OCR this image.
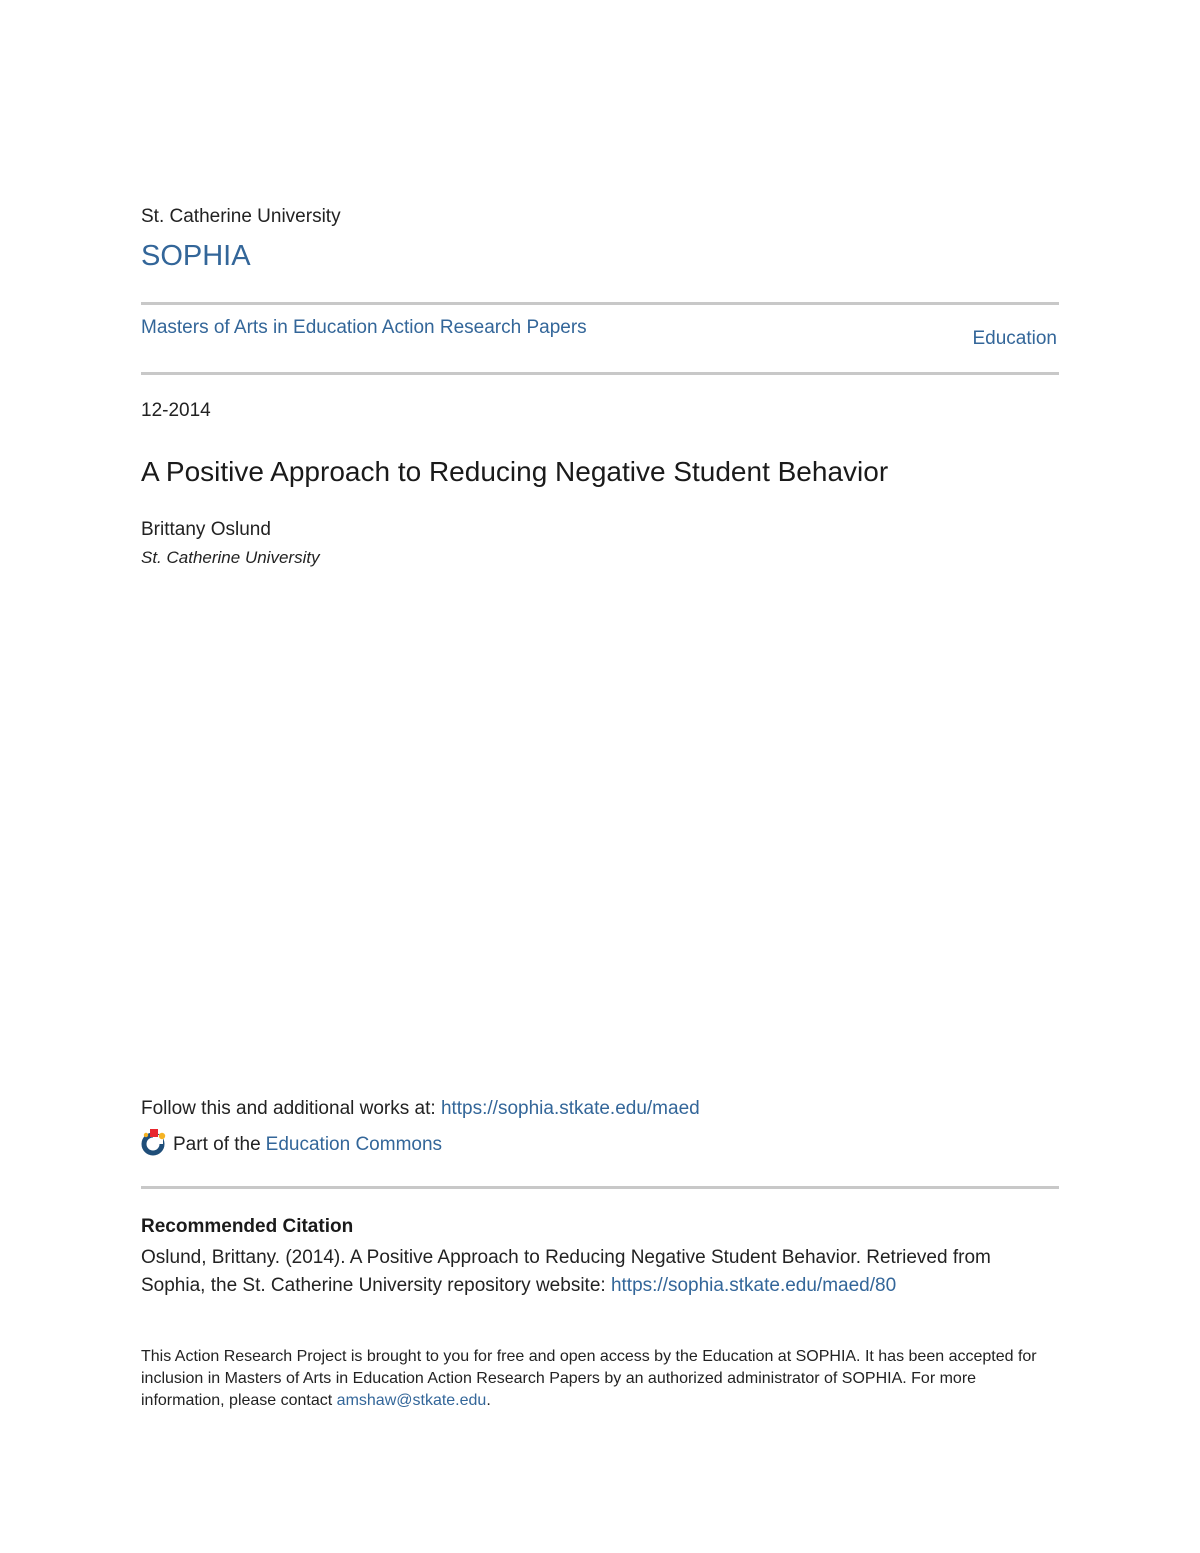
St. Catherine University
SOPHIA
Masters of Arts in Education Action Research Papers
Education
12-2014
A Positive Approach to Reducing Negative Student Behavior
Brittany Oslund
St. Catherine University
Follow this and additional works at: https://sophia.stkate.edu/maed
Part of the Education Commons
Recommended Citation
Oslund, Brittany. (2014). A Positive Approach to Reducing Negative Student Behavior. Retrieved from Sophia, the St. Catherine University repository website: https://sophia.stkate.edu/maed/80
This Action Research Project is brought to you for free and open access by the Education at SOPHIA. It has been accepted for inclusion in Masters of Arts in Education Action Research Papers by an authorized administrator of SOPHIA. For more information, please contact amshaw@stkate.edu.
